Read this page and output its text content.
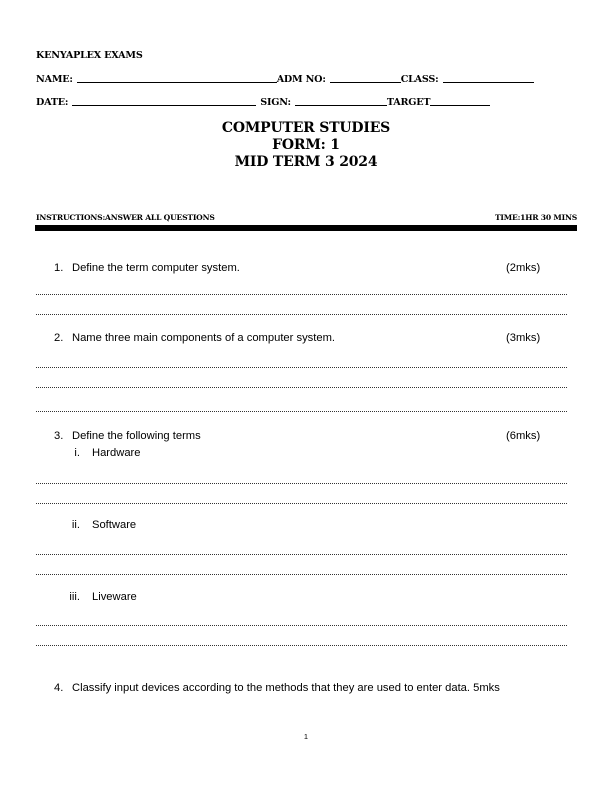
KENYAPLEX EXAMS
NAME:	ADM NO:	CLASS:
DATE:	SIGN:	TARGET
COMPUTER STUDIES
FORM: 1
MID TERM 3 2024
INSTRUCTIONS:ANSWER ALL QUESTIONS	TIME:1HR 30 MINS
1. Define the term computer system.	(2mks)
2. Name three main components of a computer system.	(3mks)
3. Define the following terms	(6mks)
i. Hardware
ii. Software
iii. Liveware
4. Classify input devices according to the methods that they are used to enter data. 5mks
1
